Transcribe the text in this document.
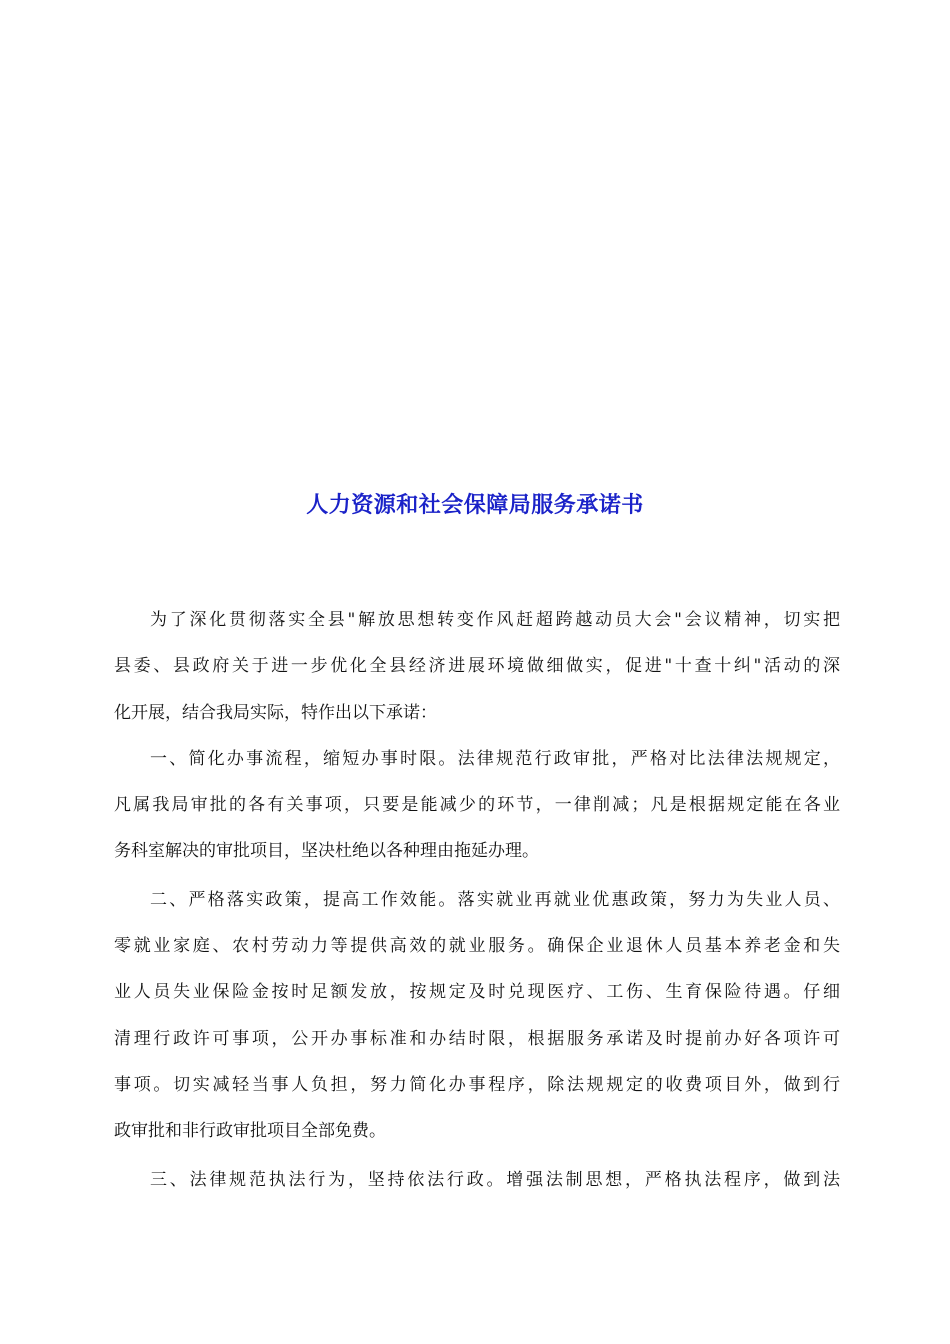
人力资源和社会保障局服务承诺书
为了深化贯彻落实全县"解放思想转变作风赶超跨越动员大会"会议精神，切实把
县委、县政府关于进一步优化全县经济进展环境做细做实，促进"十查十纠"活动的深
化开展，结合我局实际，特作出以下承诺：
一、简化办事流程，缩短办事时限。法律规范行政审批，严格对比法律法规规定，
凡属我局审批的各有关事项，只要是能减少的环节，一律削减；凡是根据规定能在各业
务科室解决的审批项目，坚决杜绝以各种理由拖延办理。
二、严格落实政策，提高工作效能。落实就业再就业优惠政策，努力为失业人员、
零就业家庭、农村劳动力等提供高效的就业服务。确保企业退休人员基本养老金和失
业人员失业保险金按时足额发放，按规定及时兑现医疗、工伤、生育保险待遇。仔细
清理行政许可事项，公开办事标准和办结时限，根据服务承诺及时提前办好各项许可
事项。切实减轻当事人负担，努力简化办事程序，除法规规定的收费项目外，做到行
政审批和非行政审批项目全部免费。
三、法律规范执法行为，坚持依法行政。增强法制思想，严格执法程序，做到法
